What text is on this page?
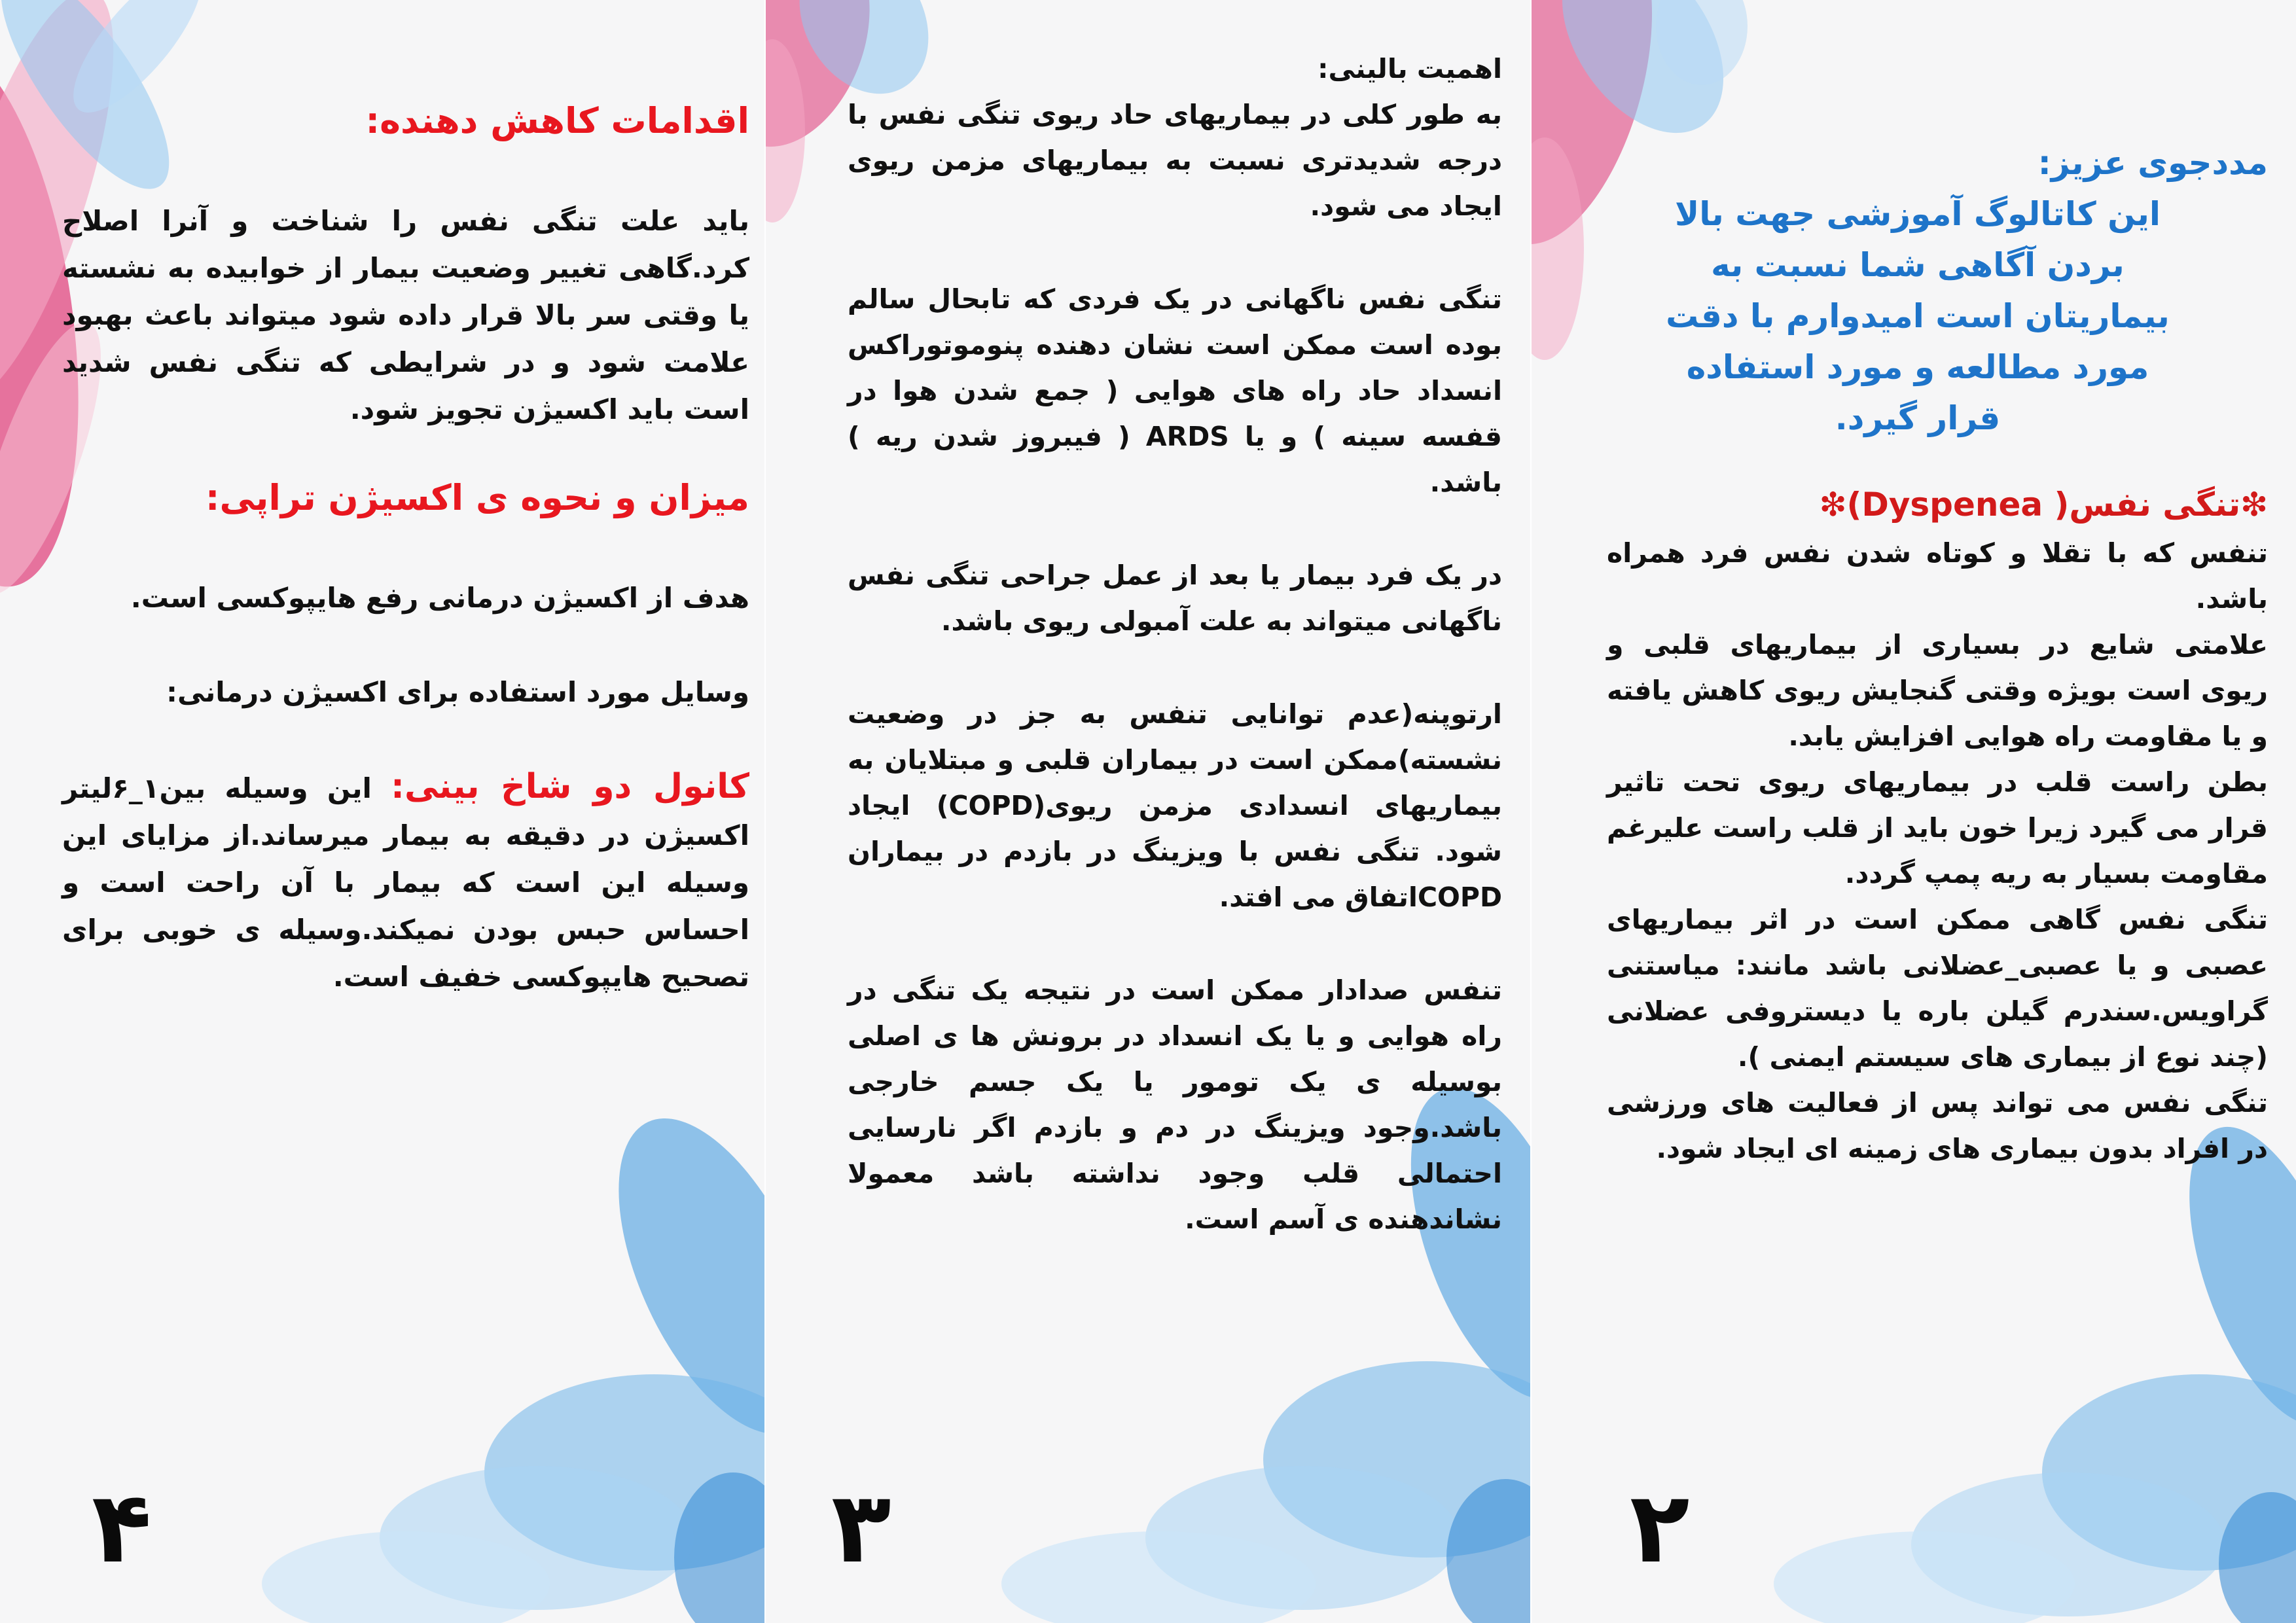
اقدامات کاهش دهنده:

باید علت تنگی نفس را شناخت و آنرا اصلاح کرد.گاهی تغییر وضعیت بیمار از خوابیده به نشسته یا وقتی سر بالا قرار داده شود میتواند باعث بهبود علامت شود و در شرایطی که تنگی نفس شدید است باید اکسیژن تجویز شود.

میزان و نحوه ی اکسیژن تراپی:

هدف از اکسیژن درمانی رفع هایپوکسی است.

وسایل مورد استفاده برای اکسیژن درمانی:

کانول دو شاخ بینی: این وسیله بین۱_۶لیتر اکسیژن در دقیقه به بیمار میرساند.از مزایای این وسیله این است که بیمار با آن راحت است و احساس حبس بودن نمیکند.وسیله ی خوبی برای تصحیح هایپوکسی خفیف است.

۴

اهمیت بالینی:

به طور کلی در بیماریهای حاد ریوی تنگی نفس با درجه شدیدتری نسبت به بیماریهای مزمن ریوی ایجاد می شود.

تنگی نفس ناگهانی در یک فردی که تابحال سالم بوده است ممکن است نشان دهنده پنوموتوراکس انسداد حاد راه های هوایی ( جمع شدن هوا در قفسه سینه ) و یا ARDS ( فیبروز شدن ریه ) باشد.

در یک فرد بیمار یا بعد از عمل جراحی تنگی نفس ناگهانی میتواند به علت آمبولی ریوی باشد.

ارتوپنه(عدم توانایی تنفس به جز در وضعیت نشسته)ممکن است در بیماران قلبی و مبتلایان به بیماریهای انسدادی مزمن ریوی(COPD) ایجاد شود. تنگی نفس با ویزینگ در بازدم در بیماران COPDاتفاق می افتد.

تنفس صدادار ممکن است در نتیجه یک تنگی در راه هوایی و یا یک انسداد در برونش ها ی اصلی بوسیله ی یک تومور یا یک جسم خارجی باشد.وجود ویزینگ در دم و بازدم اگر نارسایی احتمالی قلب وجود نداشته باشد معمولا نشاندهنده ی آسم است.

۳

مددجوی عزیز:

این کاتالوگ آموزشی جهت بالا بردن آگاهی شما نسبت به بیماریتان است امیدوارم با دقت مورد مطالعه و مورد استفاده قرار گیرد.

❇تنگی نفس( Dyspenea)❇

تنفس که با تقلا و کوتاه شدن نفس فرد همراه باشد.

علامتی شایع در بسیاری از بیماریهای قلبی و ریوی است بویژه وقتی گنجایش ریوی کاهش یافته و یا مقاومت راه هوایی افزایش یابد.

بطن راست قلب در بیماریهای ریوی تحت تاثیر قرار می گیرد زیرا خون باید از قلب راست علیرغم مقاومت بسیار به ریه پمپ گردد.

تنگی نفس گاهی ممکن است در اثر بیماریهای عصبی و یا عصبی_عضلانی باشد مانند: میاستنی گراویس.سندرم گیلن باره یا دیستروفی عضلانی (چند نوع از بیماری های سیستم ایمنی ).

تنگی نفس می تواند پس از فعالیت های ورزشی در افراد بدون بیماری های زمینه ای ایجاد شود.

۲
